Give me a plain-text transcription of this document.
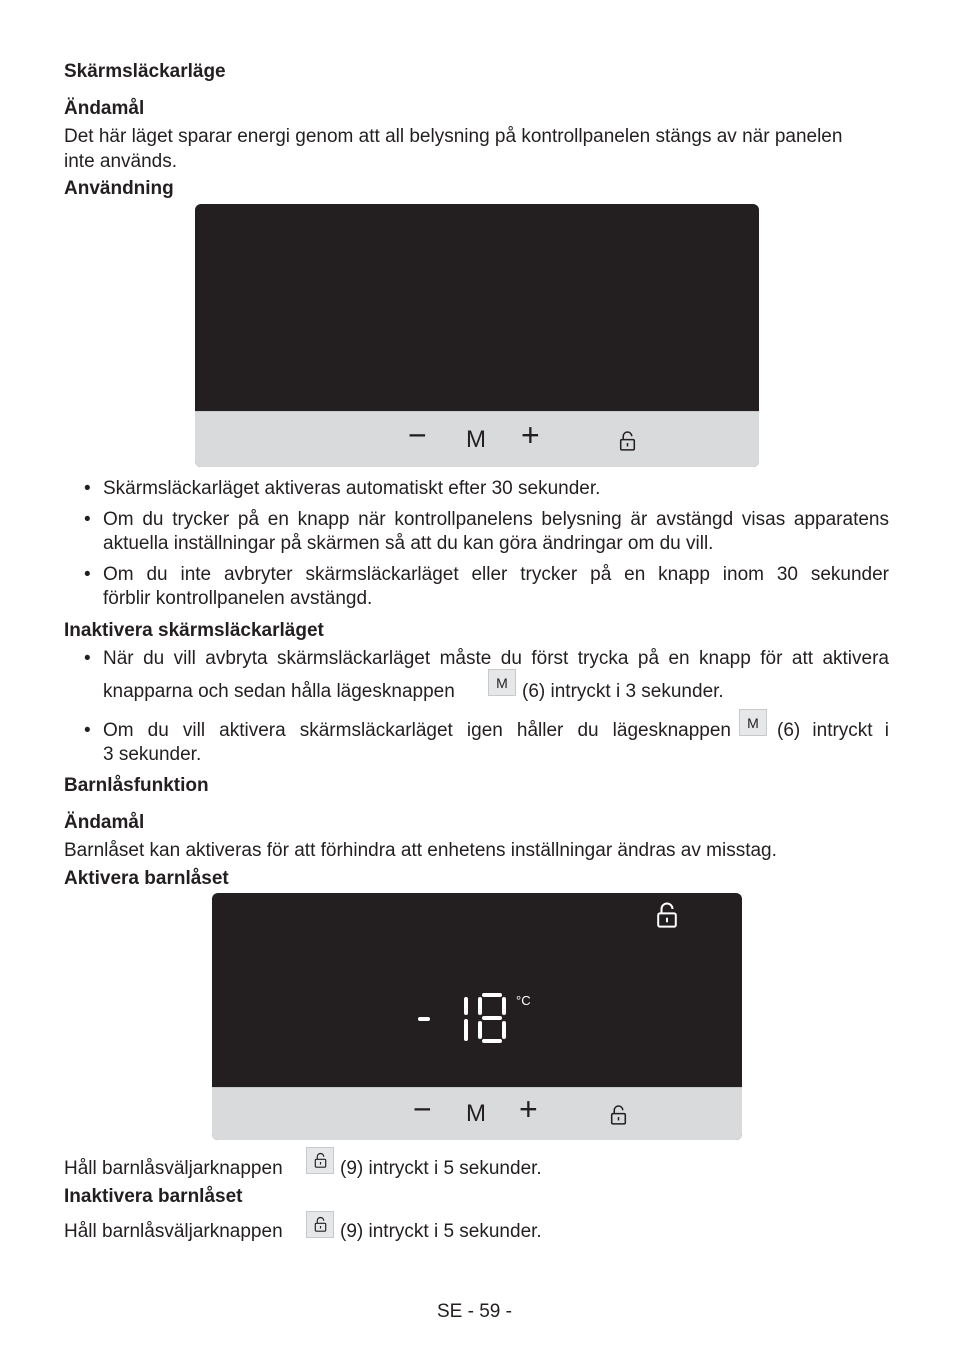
Skärmsläckarläge
Ändamål
Det här läget sparar energi genom att all belysning på kontrollpanelen stängs av när panelen
inte används.
Användning
− M +
• Skärmsläckarläget aktiveras automatiskt efter 30 sekunder.
• Om du trycker på en knapp när kontrollpanelens belysning är avstängd visas apparatens
aktuella inställningar på skärmen så att du kan göra ändringar om du vill.
• Om du inte avbryter skärmsläckarläget eller trycker på en knapp inom 30 sekunder
förblir kontrollpanelen avstängd.
Inaktivera skärmsläckarläget
• När du vill avbryta skärmsläckarläget måste du först trycka på en knapp för att aktivera
knapparna och sedan hålla lägesknappen	M (6) intryckt i 3 sekunder.
• Om du vill aktivera skärmsläckarläget igen håller du lägesknappen	M (6) intryckt i
3 sekunder.
Barnlåsfunktion
Ändamål
Barnlåset kan aktiveras för att förhindra att enhetens inställningar ändras av misstag.
Aktivera barnlåset
°C
− M +
Håll barnlåsväljarknappen	(9) intryckt i 5 sekunder.
Inaktivera barnlåset
Håll barnlåsväljarknappen	(9) intryckt i 5 sekunder.
SE - 59 -
